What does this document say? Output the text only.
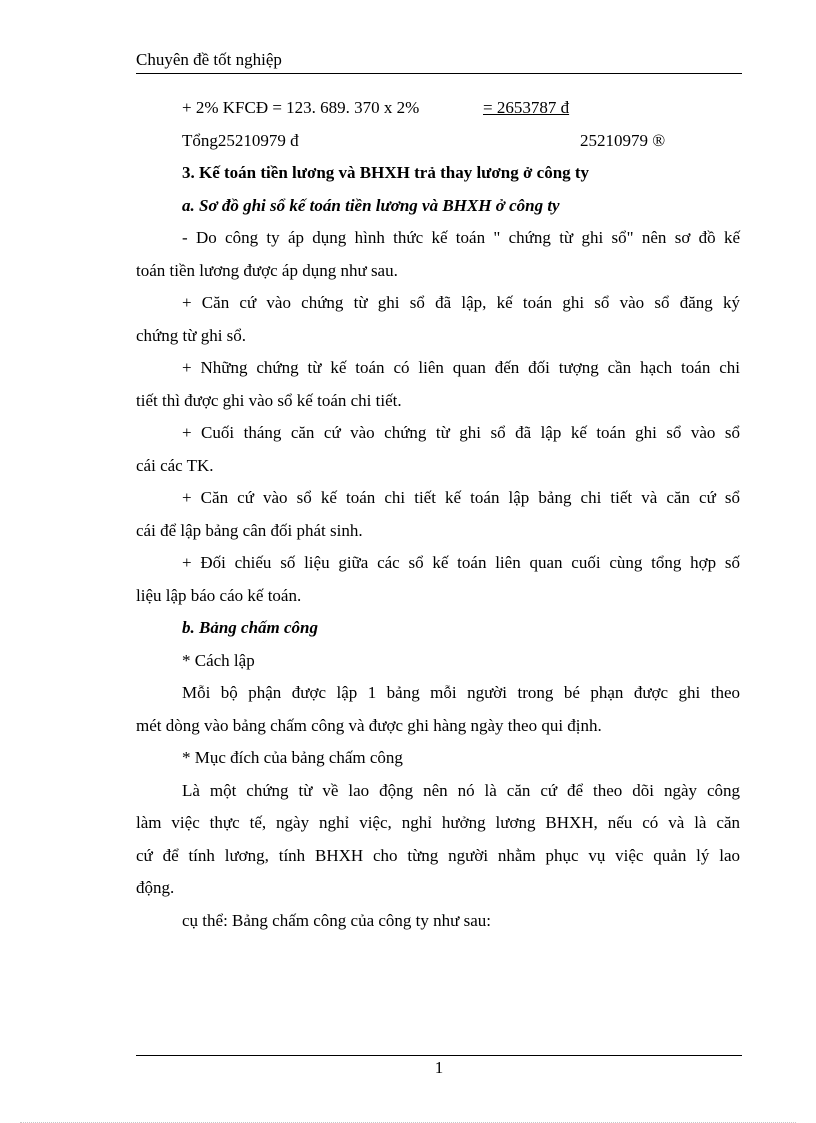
Chuyên đề tốt nghiệp
+ 2% KFCĐ = 123. 689. 370 x 2%	= 2653787 đ
Tổng25210979 đ	25210979 ®
3. Kế toán tiền lương và BHXH trả thay lương ở công ty
a. Sơ đồ ghi sổ kế toán tiền lương và BHXH ở công ty
- Do công ty áp dụng hình thức kế toán " chứng từ ghi sổ" nên sơ đồ kế
toán tiền lương được áp dụng như sau.
+ Căn cứ vào chứng từ ghi sổ đã lập, kế toán ghi sổ vào sổ đăng ký
chứng từ ghi sổ.
+ Những chứng từ kế toán có liên quan đến đối tượng cần hạch toán chi
tiết thì được ghi vào sổ kế toán chi tiết.
+ Cuối tháng căn cứ vào chứng từ ghi sổ đã lập kế toán ghi sổ vào sổ
cái các TK.
+ Căn cứ vào sổ kế toán chi tiết kế toán lập bảng chi tiết và căn cứ sổ
cái để lập bảng cân đối phát sinh.
+ Đối chiếu số liệu giữa các sổ kế toán liên quan cuối cùng tổng hợp số
liệu lập báo cáo kế toán.
b. Bảng chấm công
* Cách lập
Mỗi bộ phận được lập 1 bảng mỗi người trong bé phạn được ghi theo
mét dòng vào bảng chấm công và được ghi hàng ngày theo qui định.
* Mục đích của bảng chấm công
Là một chứng từ về lao động nên nó là căn cứ để theo dõi ngày công
làm việc thực tế, ngày nghỉ việc, nghỉ hưởng lương BHXH, nếu có và là căn
cứ để tính lương, tính BHXH cho từng người nhằm phục vụ việc quản lý lao
động.
cụ thể: Bảng chấm công của công ty như sau:
1
